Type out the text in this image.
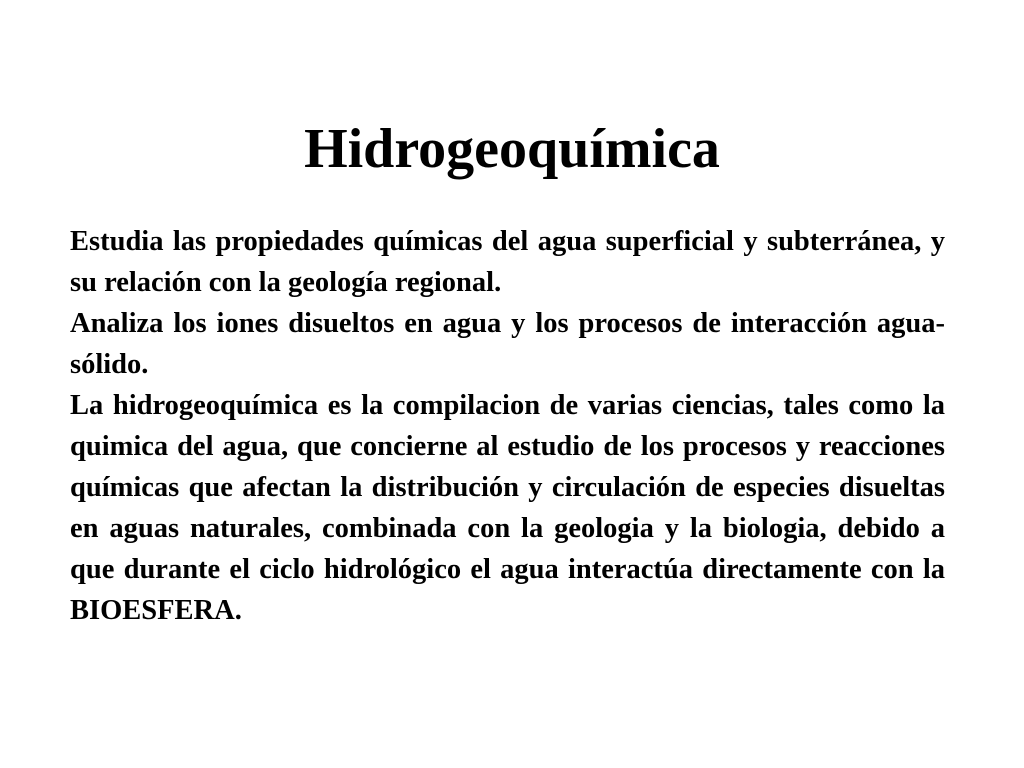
Hidrogeoquímica

Estudia las propiedades químicas del agua superficial y subterránea, y su relación con la geología regional.

Analiza los iones disueltos en agua y los procesos de interacción agua-sólido.

La hidrogeoquímica es la compilacion de varias ciencias, tales como la quimica del agua, que concierne al estudio de los procesos y reacciones químicas que afectan la distribución y circulación de especies disueltas en aguas naturales, combinada con la geologia y la biologia, debido a que durante el ciclo hidrológico el agua interactúa directamente con la BIOESFERA.
